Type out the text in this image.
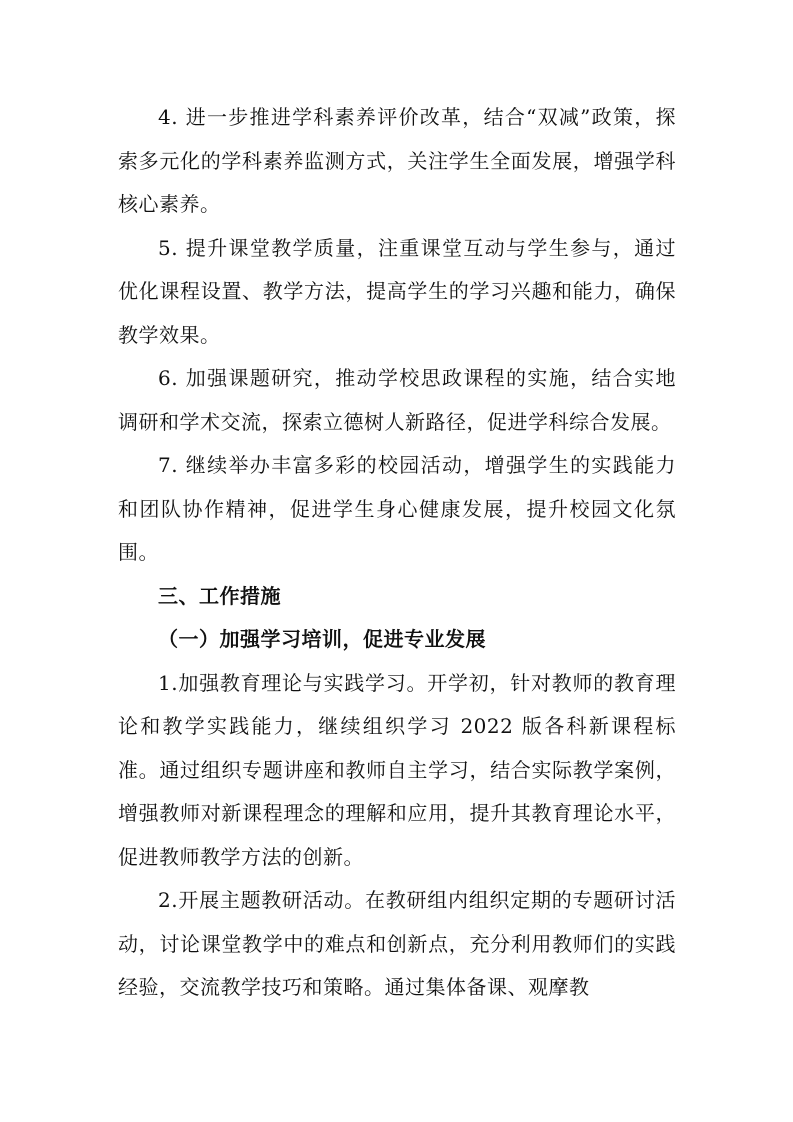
4. 进一步推进学科素养评价改革，结合“双减”政策，探索多元化的学科素养监测方式，关注学生全面发展，增强学科核心素养。

5. 提升课堂教学质量，注重课堂互动与学生参与，通过优化课程设置、教学方法，提高学生的学习兴趣和能力，确保教学效果。

6. 加强课题研究，推动学校思政课程的实施，结合实地调研和学术交流，探索立德树人新路径，促进学科综合发展。

7. 继续举办丰富多彩的校园活动，增强学生的实践能力和团队协作精神，促进学生身心健康发展，提升校园文化氛围。

三、工作措施

（一）加强学习培训，促进专业发展

1.加强教育理论与实践学习。开学初，针对教师的教育理论和教学实践能力，继续组织学习 2022 版各科新课程标准。通过组织专题讲座和教师自主学习，结合实际教学案例，增强教师对新课程理念的理解和应用，提升其教育理论水平，促进教师教学方法的创新。

2.开展主题教研活动。在教研组内组织定期的专题研讨活动，讨论课堂教学中的难点和创新点，充分利用教师们的实践经验，交流教学技巧和策略。通过集体备课、观摩教
